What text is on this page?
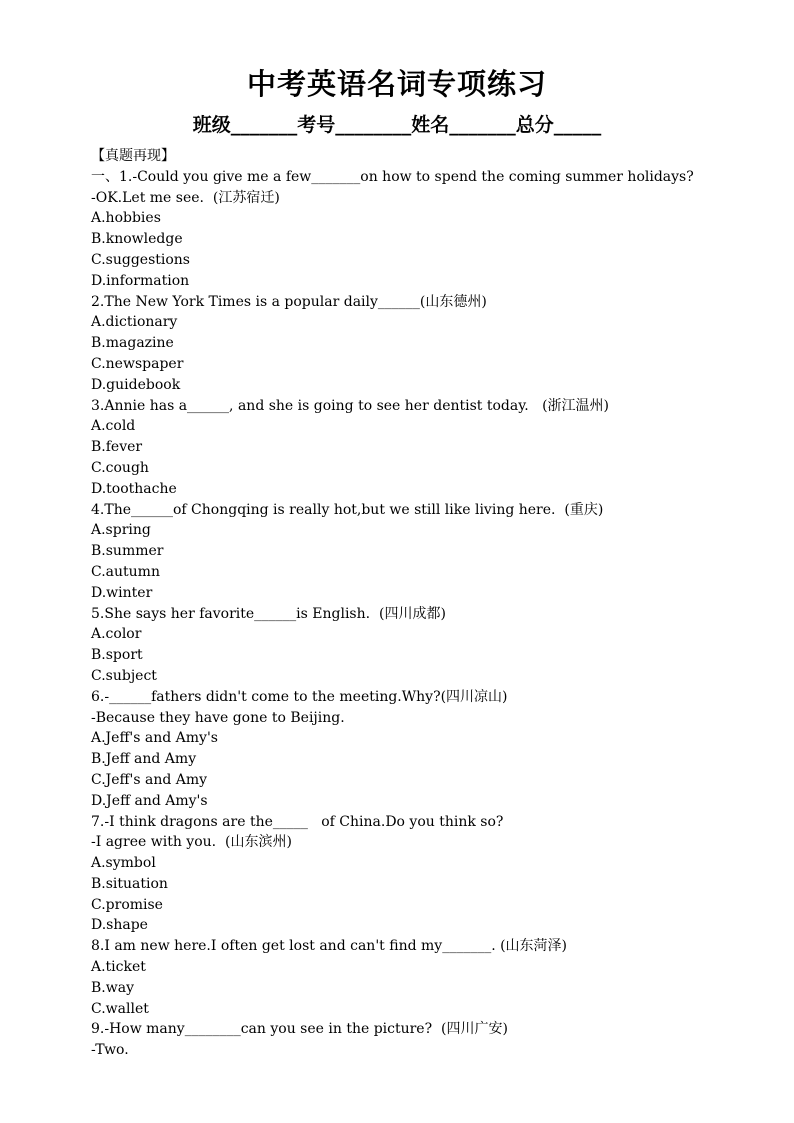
中考英语名词专项练习
班级_______考号________姓名_______总分_____
【真题再现】
一、1.-Could you give me a few_______on how to spend the coming summer holidays?
-OK.Let me see.  (江苏宿迁)
A.hobbies
B.knowledge
C.suggestions
D.information
2.The New York Times is a popular daily______(山东德州)
A.dictionary
B.magazine
C.newspaper
D.guidebook
3.Annie has a______, and she is going to see her dentist today.   (浙江温州)
A.cold
B.fever
C.cough
D.toothache
4.The______of Chongqing is really hot,but we still like living here.  (重庆)
A.spring
B.summer
C.autumn
D.winter
5.She says her favorite______is English.  (四川成都)
A.color
B.sport
C.subject
6.-______fathers didn't come to the meeting.Why?(四川凉山)
-Because they have gone to Beijing.
A.Jeff's and Amy's
B.Jeff and Amy
C.Jeff's and Amy
D.Jeff and Amy's
7.-I think dragons are the_____   of China.Do you think so?
-I agree with you.  (山东滨州)
A.symbol
B.situation
C.promise
D.shape
8.I am new here.I often get lost and can't find my_______. (山东菏泽)
A.ticket
B.way
C.wallet
9.-How many________can you see in the picture?  (四川广安)
-Two.
